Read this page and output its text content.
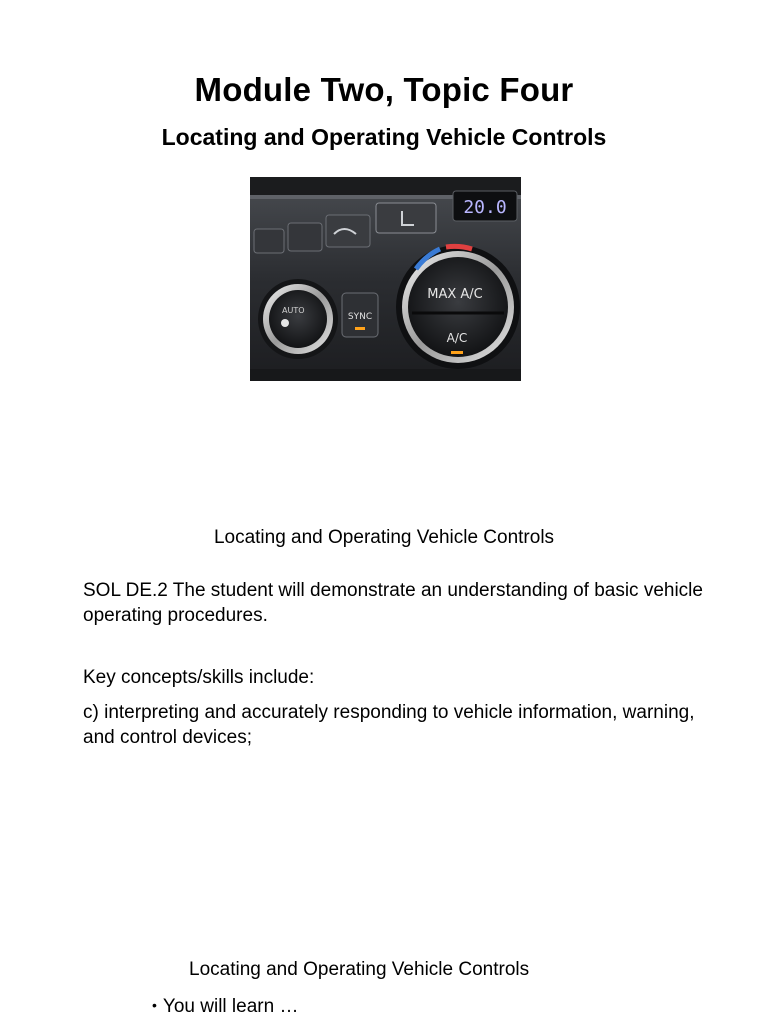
Module Two, Topic Four
Locating and Operating Vehicle Controls
20.0
AUTO
SYNC
MAX A/C
A/C
Locating and Operating Vehicle Controls
SOL DE.2 The student will demonstrate an understanding of basic vehicle operating procedures.
Key concepts/skills include:
c) interpreting and accurately responding to vehicle information, warning, and control devices;
Locating and Operating Vehicle Controls
• You will learn …
